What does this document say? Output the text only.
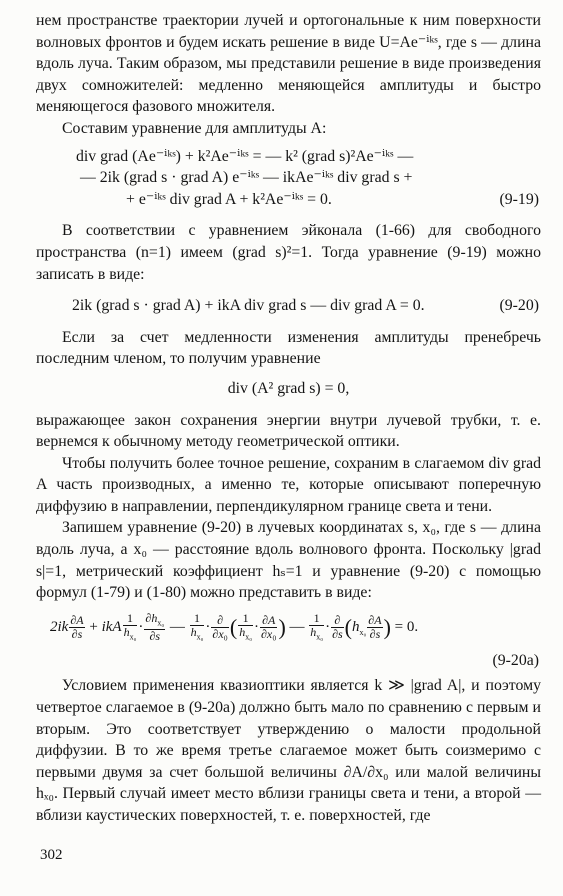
нем пространстве траектории лучей и ортогональные к ним поверхности волновых фронтов и будем искать решение в виде U=Ae⁻ⁱᵏˢ, где s — длина вдоль луча. Таким образом, мы представили решение в виде произведения двух сомножителей: медленно меняющейся амплитуды и быстро меняющегося фазового множителя.

Составим уравнение для амплитуды A:

div grad (Ae⁻ⁱᵏˢ) + k²Ae⁻ⁱᵏˢ = — k² (grad s)²Ae⁻ⁱᵏˢ —
— 2ik (grad s · grad A) e⁻ⁱᵏˢ — ikAe⁻ⁱᵏˢ div grad s +
+ e⁻ⁱᵏˢ div grad A + k²Ae⁻ⁱᵏˢ = 0.	(9-19)

В соответствии с уравнением эйконала (1-66) для свободного пространства (n=1) имеем (grad s)²=1. Тогда уравнение (9-19) можно записать в виде:

2ik (grad s · grad A) + ikA div grad s — div grad A = 0.	(9-20)

Если за счет медленности изменения амплитуды пренебречь последним членом, то получим уравнение

div (A² grad s) = 0,

выражающее закон сохранения энергии внутри лучевой трубки, т. е. вернемся к обычному методу геометрической оптики.

Чтобы получить более точное решение, сохраним в слагаемом div grad A часть производных, а именно те, которые описывают поперечную диффузию в направлении, перпендикулярном границе света и тени.

Запишем уравнение (9-20) в лучевых координатах s, x₀, где s — длина вдоль луча, а x₀ — расстояние вдоль волнового фронта. Поскольку |grad s|=1, метрический коэффициент hₛ=1 и уравнение (9-20) с помощью формул (1-79) и (1-80) можно представить в виде:

$2ik \frac{\partial A}{\partial s}$ + ikA $\frac{1}{h_{x_0}} \cdot \frac{\partial h_{x_0}}{\partial s}$ — $\frac{1}{h_{x_0}} \cdot \frac{\partial}{\text{∂x₀}}$ ( $\frac{1}{h_{x_0}} \cdot \frac{\partial A}{\text{∂x₀}}$ ) — $\frac{1}{h_{x_0}} \cdot \frac{\partial}{\partial s} (h_{x_0} \frac{\partial A}{\partial s}$ ) = 0.
(9-20a)

Условием применения квазиоптики является k ≫ |grad A|, и поэтому четвертое слагаемое в (9-20a) должно быть мало по сравнению с первым и вторым. Это соответствует утверждению о малости продольной диффузии. В то же время третье слагаемое может быть соизмеримо с первыми двумя за счет большой величины ∂A/∂x₀ или малой величины hₓ₀. Первый случай имеет место вблизи границы света и тени, а второй — вблизи каустических поверхностей, т. е. поверхностей, где

302
